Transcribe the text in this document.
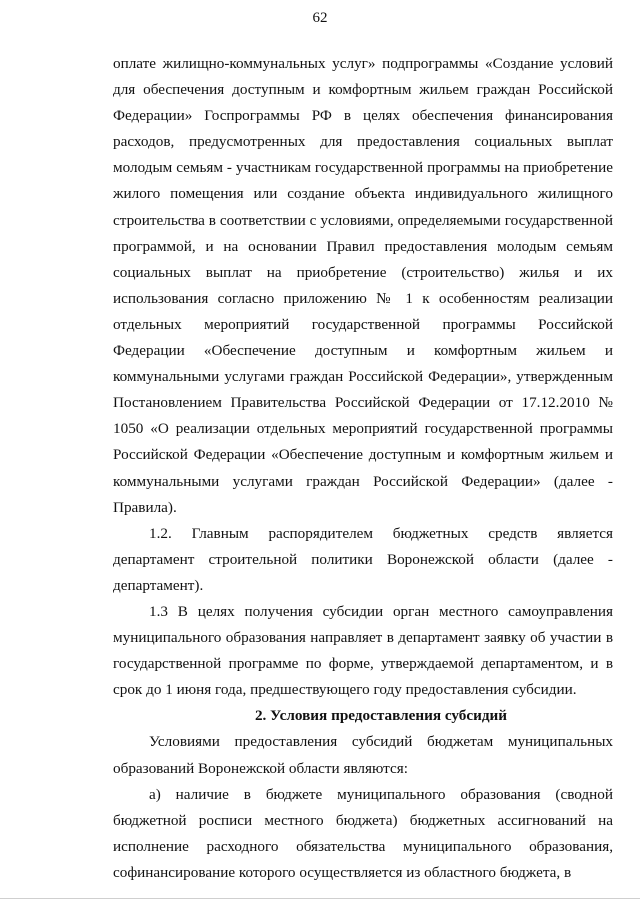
62

оплате жилищно-коммунальных услуг» подпрограммы «Создание условий для обеспечения доступным и комфортным жильем граждан Российской Федерации» Госпрограммы РФ в целях обеспечения финансирования расходов, предусмотренных для предоставления социальных выплат молодым семьям - участникам государственной программы на приобретение жилого помещения или создание объекта индивидуального жилищного строительства в соответствии с условиями, определяемыми государственной программой, и на основании Правил предоставления молодым семьям социальных выплат на приобретение (строительство) жилья и их использования согласно приложению № 1 к особенностям реализации отдельных мероприятий государственной программы Российской Федерации «Обеспечение доступным и комфортным жильем и коммунальными услугами граждан Российской Федерации», утвержденным Постановлением Правительства Российской Федерации от 17.12.2010 № 1050 «О реализации отдельных мероприятий государственной программы Российской Федерации «Обеспечение доступным и комфортным жильем и коммунальными услугами граждан Российской Федерации» (далее - Правила).

1.2. Главным распорядителем бюджетных средств является департамент строительной политики Воронежской области (далее - департамент).

1.3 В целях получения субсидии орган местного самоуправления муниципального образования направляет в департамент заявку об участии в государственной программе по форме, утверждаемой департаментом, и в срок до 1 июня года, предшествующего году предоставления субсидии.

2. Условия предоставления субсидий

Условиями предоставления субсидий бюджетам муниципальных образований Воронежской области являются:

а) наличие в бюджете муниципального образования (сводной бюджетной росписи местного бюджета) бюджетных ассигнований на исполнение расходного обязательства муниципального образования, софинансирование которого осуществляется из областного бюджета, в
